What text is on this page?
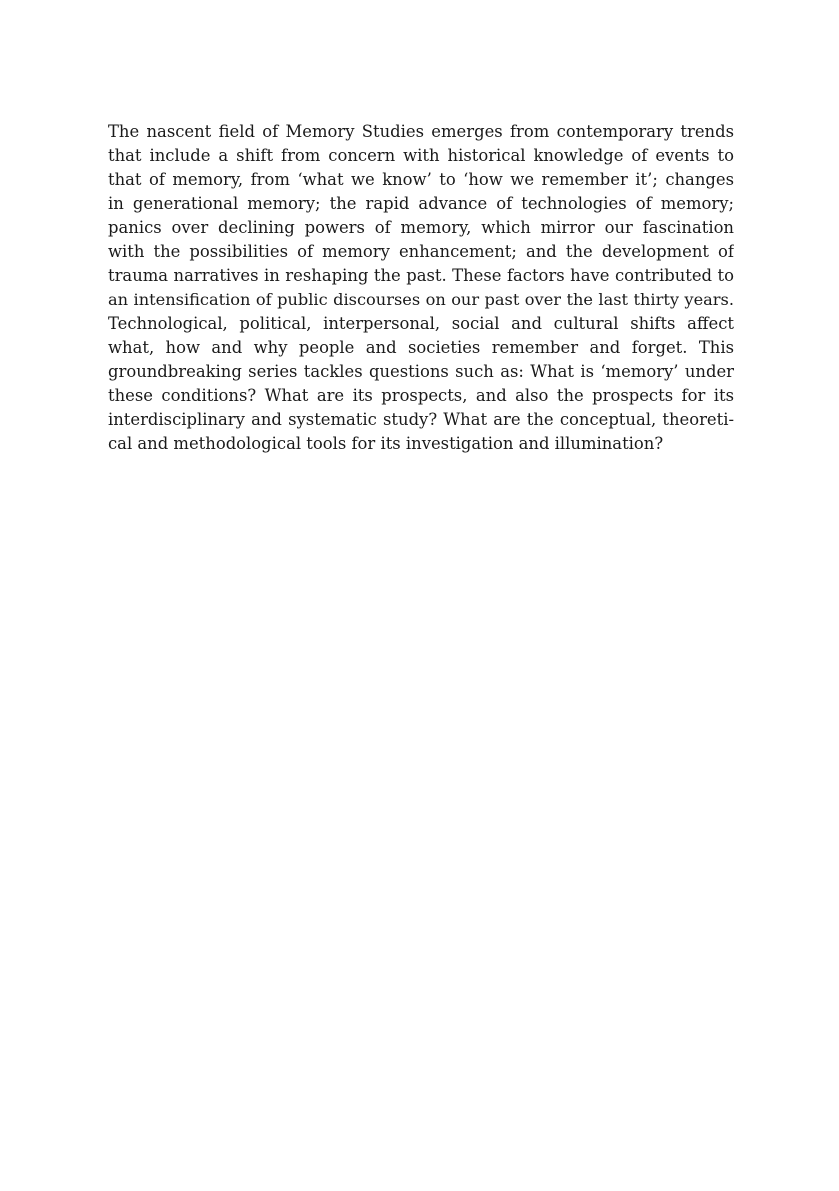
The nascent field of Memory Studies emerges from contemporary trends
that include a shift from concern with historical knowledge of events to
that of memory, from ‘what we know’ to ‘how we remember it’; changes
in generational memory; the rapid advance of technologies of memory;
panics over declining powers of memory, which mirror our fascination
with the possibilities of memory enhancement; and the development of
trauma narratives in reshaping the past. These factors have contributed to
an intensification of public discourses on our past over the last thirty years.
Technological, political, interpersonal, social and cultural shifts affect
what, how and why people and societies remember and forget. This
groundbreaking series tackles questions such as: What is ‘memory’ under
these conditions? What are its prospects, and also the prospects for its
interdisciplinary and systematic study? What are the conceptual, theoreti-
cal and methodological tools for its investigation and illumination?
